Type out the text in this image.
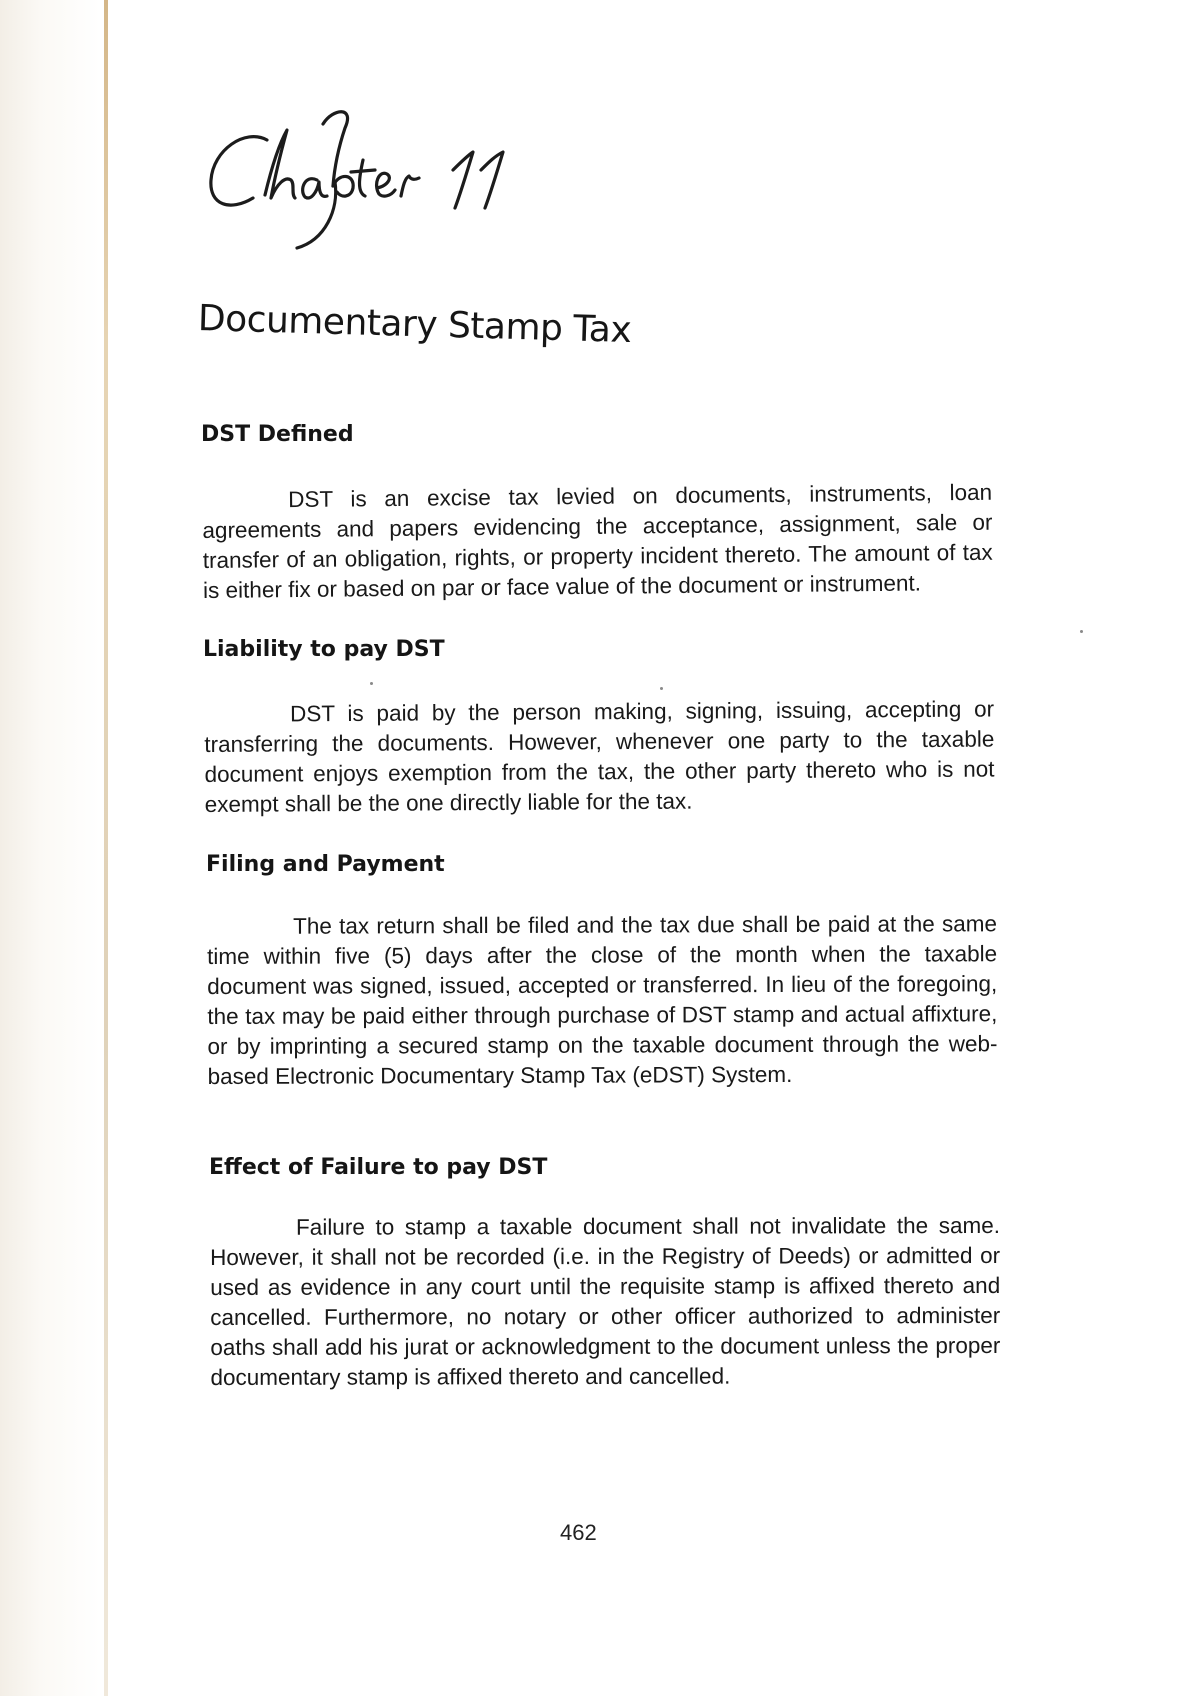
Documentary Stamp Tax
DST Defined

DST is an excise tax levied on documents, instruments, loan agreements and papers evidencing the acceptance, assignment, sale or transfer of an obligation, rights, or property incident thereto. The amount of tax is either fix or based on par or face value of the document or instrument.

Liability to pay DST

DST is paid by the person making, signing, issuing, accepting or transferring the documents. However, whenever one party to the taxable document enjoys exemption from the tax, the other party thereto who is not exempt shall be the one directly liable for the tax.

Filing and Payment

The tax return shall be filed and the tax due shall be paid at the same time within five (5) days after the close of the month when the taxable document was signed, issued, accepted or transferred. In lieu of the foregoing, the tax may be paid either through purchase of DST stamp and actual affixture, or by imprinting a secured stamp on the taxable document through the web-based Electronic Documentary Stamp Tax (eDST) System.

Effect of Failure to pay DST

Failure to stamp a taxable document shall not invalidate the same. However, it shall not be recorded (i.e. in the Registry of Deeds) or admitted or used as evidence in any court until the requisite stamp is affixed thereto and cancelled. Furthermore, no notary or other officer authorized to administer oaths shall add his jurat or acknowledgment to the document unless the proper documentary stamp is affixed thereto and cancelled.

462
